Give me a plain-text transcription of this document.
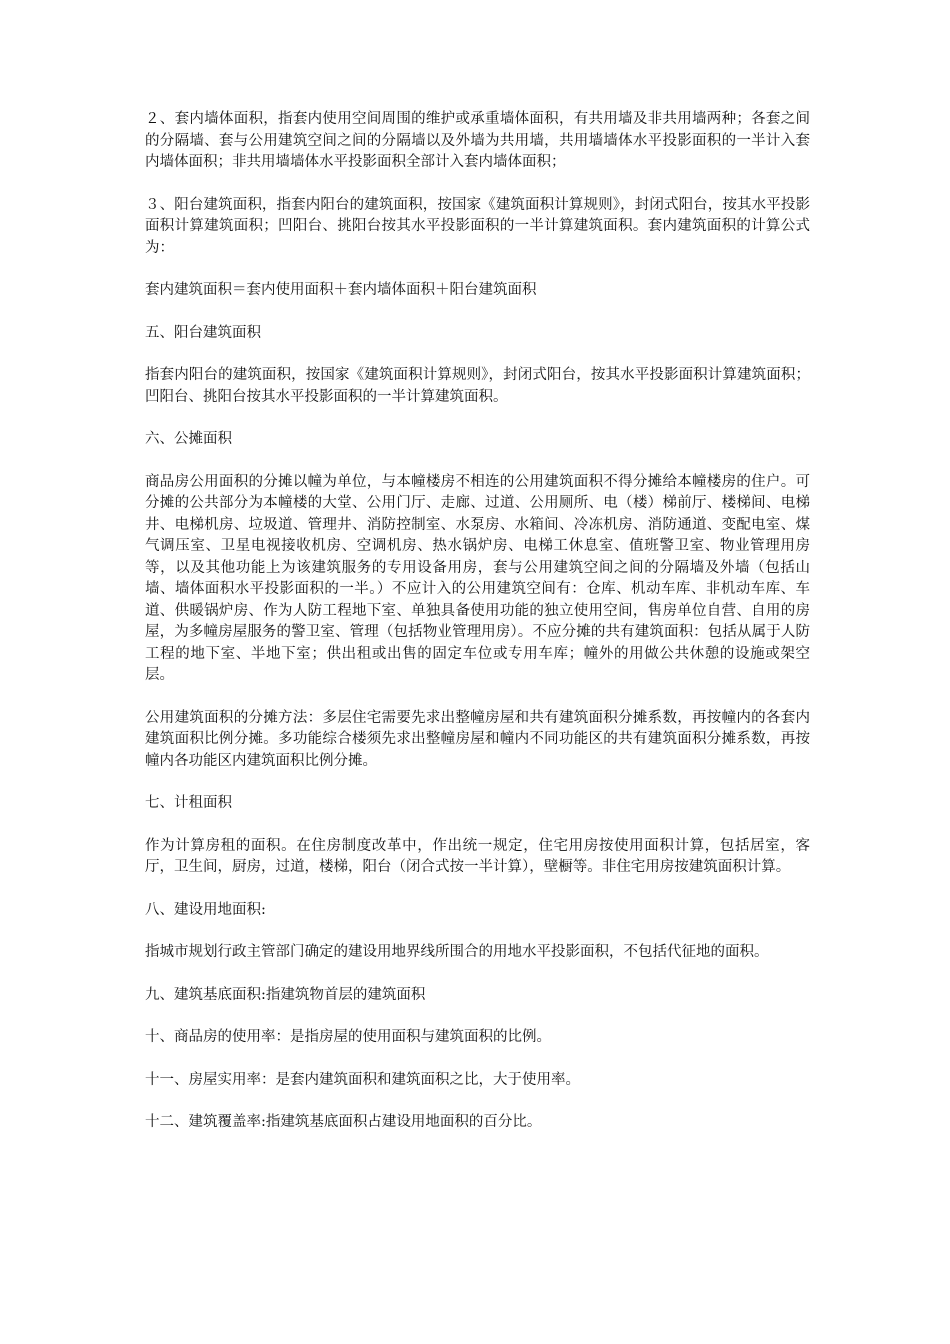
２、套内墙体面积，指套内使用空间周围的维护或承重墙体面积，有共用墙及非共用墙两种；各套之间的分隔墙、套与公用建筑空间之间的分隔墙以及外墙为共用墙，共用墙墙体水平投影面积的一半计入套内墙体面积；非共用墙墙体水平投影面积全部计入套内墙体面积；

３、阳台建筑面积，指套内阳台的建筑面积，按国家《建筑面积计算规则》，封闭式阳台，按其水平投影面积计算建筑面积；凹阳台、挑阳台按其水平投影面积的一半计算建筑面积。套内建筑面积的计算公式为：

套内建筑面积＝套内使用面积＋套内墙体面积＋阳台建筑面积

五、阳台建筑面积

指套内阳台的建筑面积，按国家《建筑面积计算规则》，封闭式阳台，按其水平投影面积计算建筑面积；凹阳台、挑阳台按其水平投影面积的一半计算建筑面积。

六、公摊面积

商品房公用面积的分摊以幢为单位，与本幢楼房不相连的公用建筑面积不得分摊给本幢楼房的住户。可分摊的公共部分为本幢楼的大堂、公用门厅、走廊、过道、公用厕所、电（楼）梯前厅、楼梯间、电梯井、电梯机房、垃圾道、管理井、消防控制室、水泵房、水箱间、冷冻机房、消防通道、变配电室、煤气调压室、卫星电视接收机房、空调机房、热水锅炉房、电梯工休息室、值班警卫室、物业管理用房等，以及其他功能上为该建筑服务的专用设备用房，套与公用建筑空间之间的分隔墙及外墙（包括山墙、墙体面积水平投影面积的一半。）不应计入的公用建筑空间有：仓库、机动车库、非机动车库、车道、供暖锅炉房、作为人防工程地下室、单独具备使用功能的独立使用空间，售房单位自营、自用的房屋，为多幢房屋服务的警卫室、管理（包括物业管理用房）。不应分摊的共有建筑面积：包括从属于人防工程的地下室、半地下室；供出租或出售的固定车位或专用车库；幢外的用做公共休憩的设施或架空层。

公用建筑面积的分摊方法：多层住宅需要先求出整幢房屋和共有建筑面积分摊系数，再按幢内的各套内建筑面积比例分摊。多功能综合楼须先求出整幢房屋和幢内不同功能区的共有建筑面积分摊系数，再按幢内各功能区内建筑面积比例分摊。

七、计租面积

作为计算房租的面积。在住房制度改革中，作出统一规定，住宅用房按使用面积计算，包括居室，客厅，卫生间，厨房，过道，楼梯，阳台（闭合式按一半计算），壁橱等。非住宅用房按建筑面积计算。

八、建设用地面积:

指城市规划行政主管部门确定的建设用地界线所围合的用地水平投影面积，不包括代征地的面积。

九、建筑基底面积:指建筑物首层的建筑面积

十、商品房的使用率：是指房屋的使用面积与建筑面积的比例。

十一、房屋实用率：是套内建筑面积和建筑面积之比，大于使用率。

十二、建筑覆盖率:指建筑基底面积占建设用地面积的百分比。
